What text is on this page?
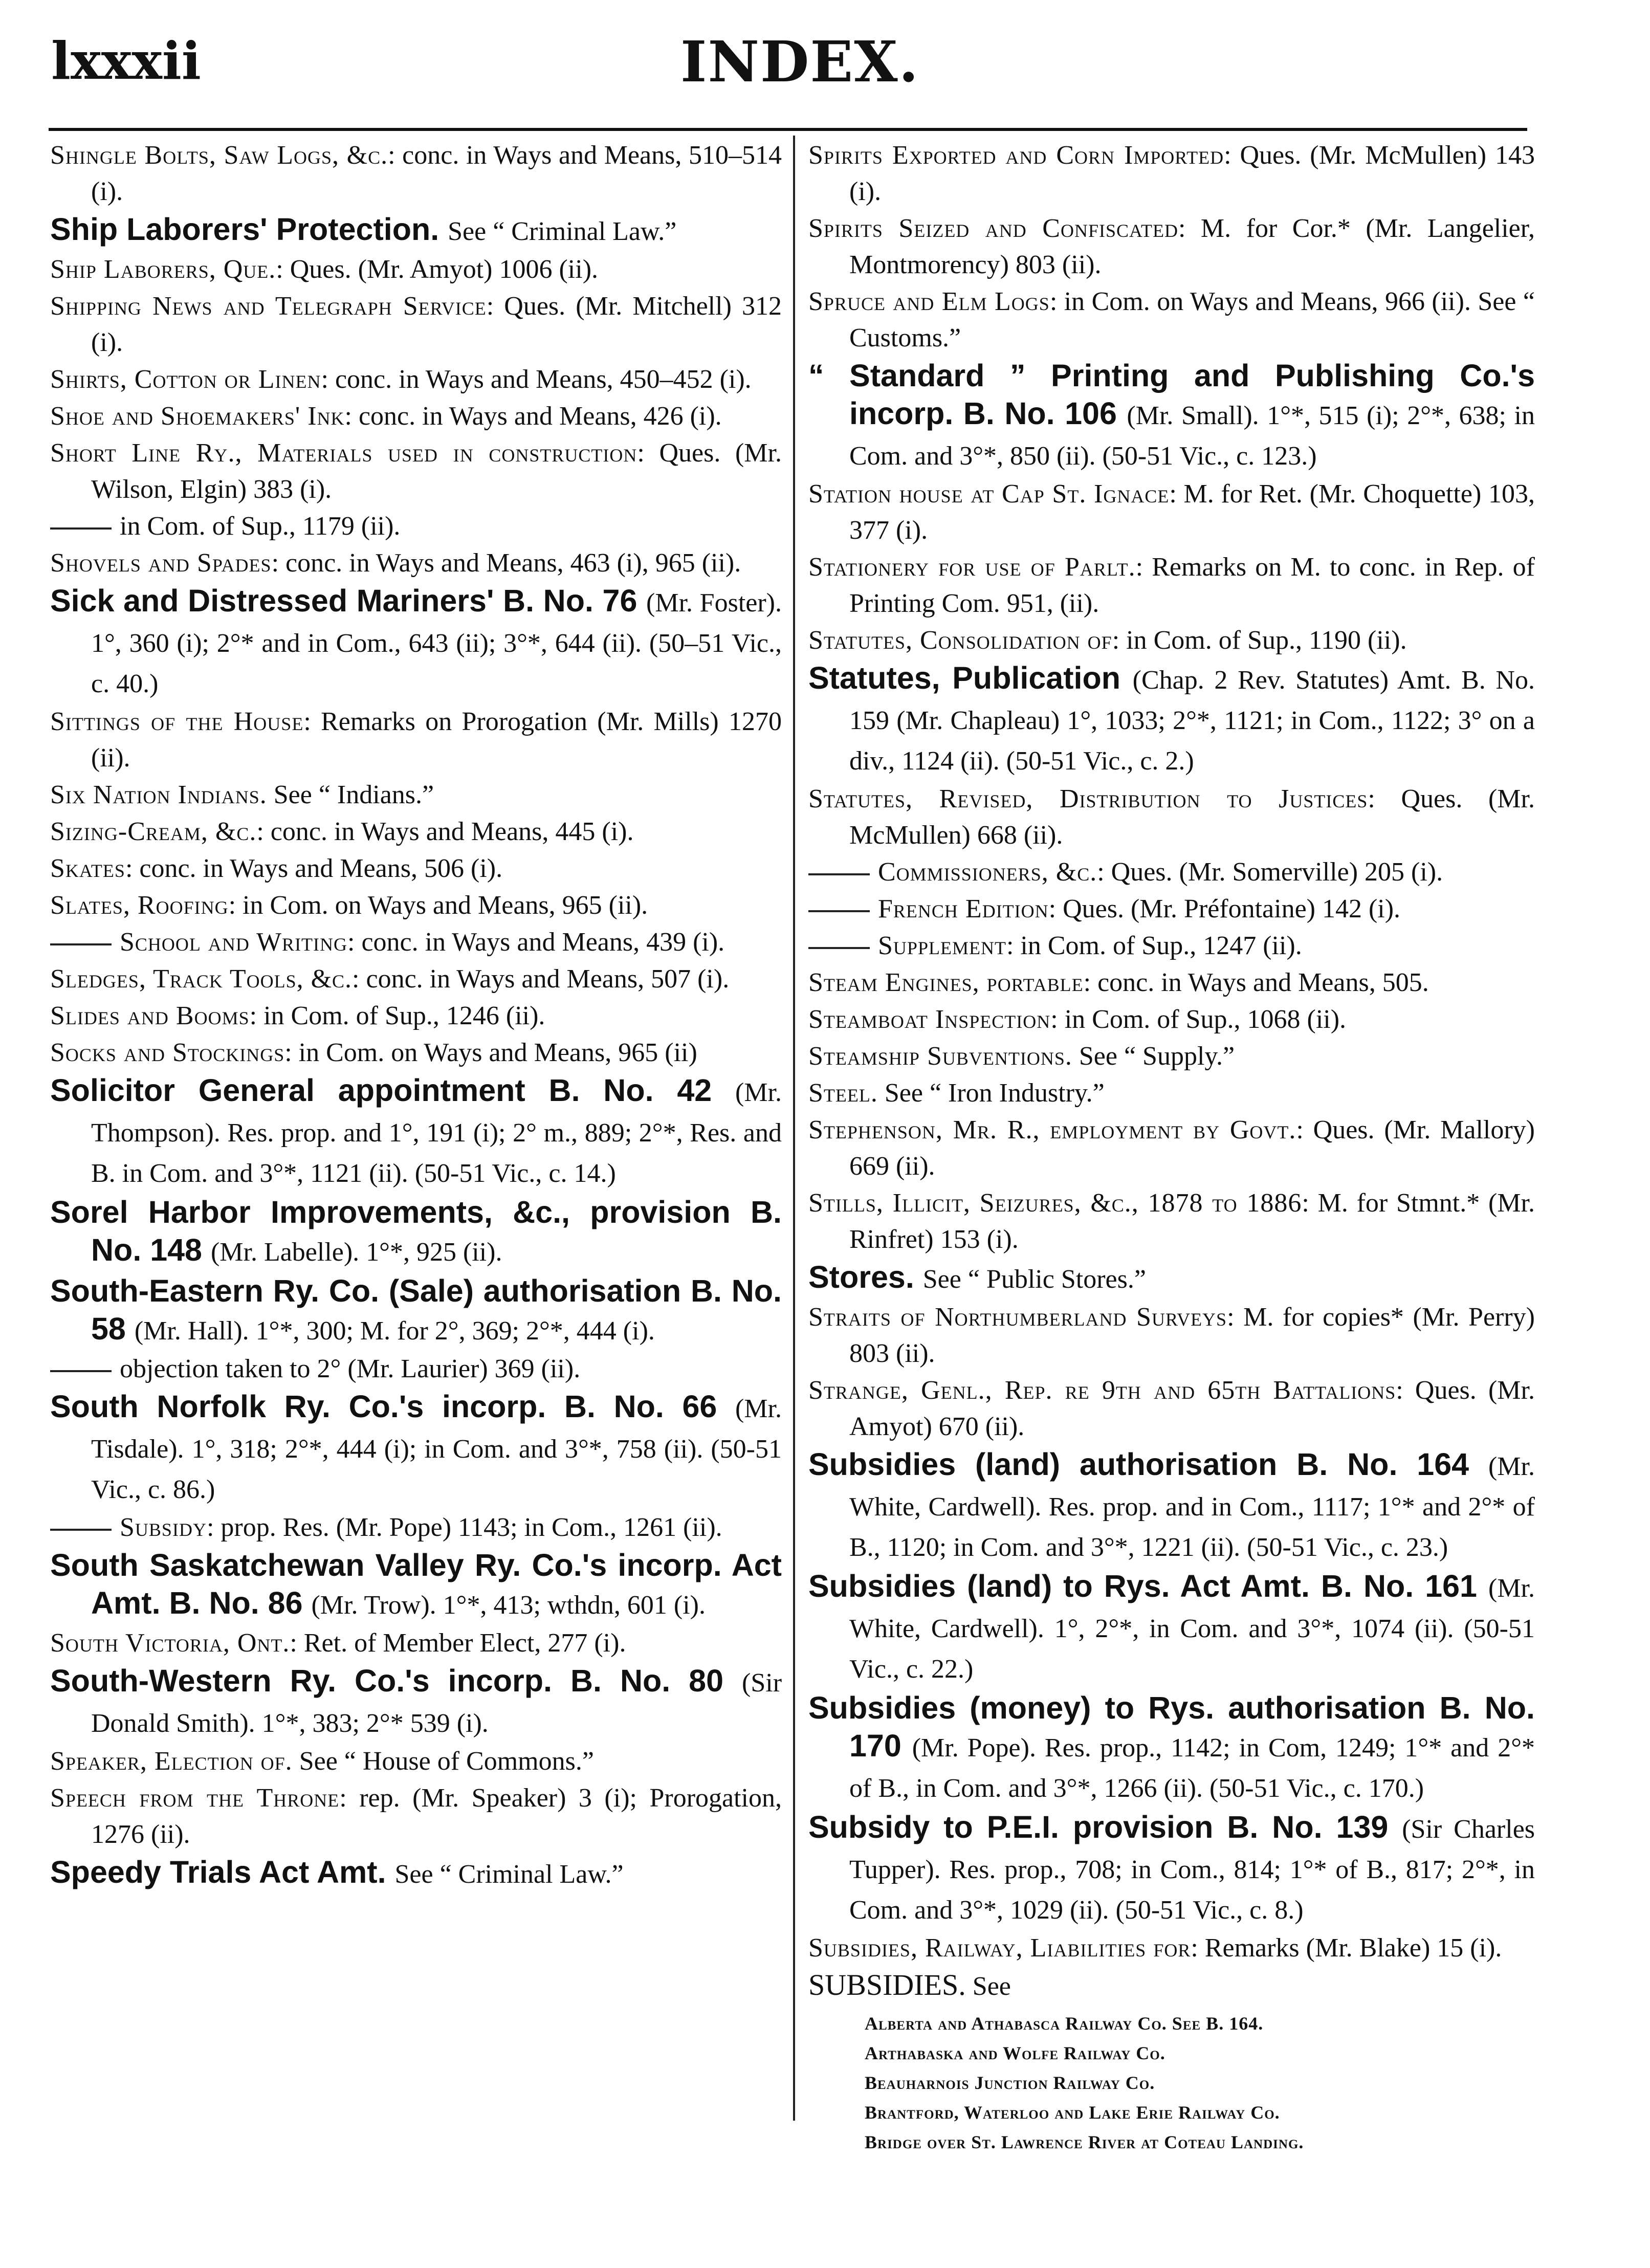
lxxxii	INDEX.
Shingle Bolts, Saw Logs, &c.: conc. in Ways and Means, 510–514 (i).
Ship Laborers' Protection. See “ Criminal Law.”
Ship Laborers, Que.: Ques. (Mr. Amyot) 1006 (ii).
Shipping News and Telegraph Service: Ques. (Mr. Mitchell) 312 (i).
Shirts, Cotton or Linen: conc. in Ways and Means, 450–452 (i).
Shoe and Shoemakers' Ink: conc. in Ways and Means, 426 (i).
Short Line Ry., Materials used in construction: Ques. (Mr. Wilson, Elgin) 383 (i).
in Com. of Sup., 1179 (ii).
Shovels and Spades: conc. in Ways and Means, 463 (i), 965 (ii).
Sick and Distressed Mariners' B. No. 76 (Mr. Foster). 1°, 360 (i); 2°* and in Com., 643 (ii); 3°*, 644 (ii). (50–51 Vic., c. 40.)
Sittings of the House: Remarks on Prorogation (Mr. Mills) 1270 (ii).
Six Nation Indians. See “ Indians.”
Sizing-Cream, &c.: conc. in Ways and Means, 445 (i).
Skates: conc. in Ways and Means, 506 (i).
Slates, Roofing: in Com. on Ways and Means, 965 (ii).
School and Writing: conc. in Ways and Means, 439 (i).
Sledges, Track Tools, &c.: conc. in Ways and Means, 507 (i).
Slides and Booms: in Com. of Sup., 1246 (ii).
Socks and Stockings: in Com. on Ways and Means, 965 (ii)
Solicitor General appointment B. No. 42 (Mr. Thompson). Res. prop. and 1°, 191 (i); 2° m., 889; 2°*, Res. and B. in Com. and 3°*, 1121 (ii). (50-51 Vic., c. 14.)
Sorel Harbor Improvements, &c., provision B. No. 148 (Mr. Labelle). 1°*, 925 (ii).
South-Eastern Ry. Co. (Sale) authorisation B. No. 58 (Mr. Hall). 1°*, 300; M. for 2°, 369; 2°*, 444 (i).
objection taken to 2° (Mr. Laurier) 369 (ii).
South Norfolk Ry. Co.'s incorp. B. No. 66 (Mr. Tisdale). 1°, 318; 2°*, 444 (i); in Com. and 3°*, 758 (ii). (50-51 Vic., c. 86.)
Subsidy: prop. Res. (Mr. Pope) 1143; in Com., 1261 (ii).
South Saskatchewan Valley Ry. Co.'s incorp. Act Amt. B. No. 86 (Mr. Trow). 1°*, 413; wthdn, 601 (i).
South Victoria, Ont.: Ret. of Member Elect, 277 (i).
South-Western Ry. Co.'s incorp. B. No. 80 (Sir Donald Smith). 1°*, 383; 2°* 539 (i).
Speaker, Election of. See “ House of Commons.”
Speech from the Throne: rep. (Mr. Speaker) 3 (i); Prorogation, 1276 (ii).
Speedy Trials Act Amt. See “ Criminal Law.”
Spirits Exported and Corn Imported: Ques. (Mr. McMullen) 143 (i).
Spirits Seized and Confiscated: M. for Cor.* (Mr. Langelier, Montmorency) 803 (ii).
Spruce and Elm Logs: in Com. on Ways and Means, 966 (ii). See “ Customs.”
“ Standard ” Printing and Publishing Co.'s incorp. B. No. 106 (Mr. Small). 1°*, 515 (i); 2°*, 638; in Com. and 3°*, 850 (ii). (50-51 Vic., c. 123.)
Station house at Cap St. Ignace: M. for Ret. (Mr. Choquette) 103, 377 (i).
Stationery for use of Parlt.: Remarks on M. to conc. in Rep. of Printing Com. 951, (ii).
Statutes, Consolidation of: in Com. of Sup., 1190 (ii).
Statutes, Publication (Chap. 2 Rev. Statutes) Amt. B. No. 159 (Mr. Chapleau) 1°, 1033; 2°*, 1121; in Com., 1122; 3° on a div., 1124 (ii). (50-51 Vic., c. 2.)
Statutes, Revised, Distribution to Justices: Ques. (Mr. McMullen) 668 (ii).
Commissioners, &c.: Ques. (Mr. Somerville) 205 (i).
French Edition: Ques. (Mr. Préfontaine) 142 (i).
Supplement: in Com. of Sup., 1247 (ii).
Steam Engines, portable: conc. in Ways and Means, 505.
Steamboat Inspection: in Com. of Sup., 1068 (ii).
Steamship Subventions. See “ Supply.”
Steel. See “ Iron Industry.”
Stephenson, Mr. R., employment by Govt.: Ques. (Mr. Mallory) 669 (ii).
Stills, Illicit, Seizures, &c., 1878 to 1886: M. for Stmnt.* (Mr. Rinfret) 153 (i).
Stores. See “ Public Stores.”
Straits of Northumberland Surveys: M. for copies* (Mr. Perry) 803 (ii).
Strange, Genl., Rep. re 9th and 65th Battalions: Ques. (Mr. Amyot) 670 (ii).
Subsidies (land) authorisation B. No. 164 (Mr. White, Cardwell). Res. prop. and in Com., 1117; 1°* and 2°* of B., 1120; in Com. and 3°*, 1221 (ii). (50-51 Vic., c. 23.)
Subsidies (land) to Rys. Act Amt. B. No. 161 (Mr. White, Cardwell). 1°, 2°*, in Com. and 3°*, 1074 (ii). (50-51 Vic., c. 22.)
Subsidies (money) to Rys. authorisation B. No. 170 (Mr. Pope). Res. prop., 1142; in Com, 1249; 1°* and 2°* of B., in Com. and 3°*, 1266 (ii). (50-51 Vic., c. 170.)
Subsidy to P.E.I. provision B. No. 139 (Sir Charles Tupper). Res. prop., 708; in Com., 814; 1°* of B., 817; 2°*, in Com. and 3°*, 1029 (ii). (50-51 Vic., c. 8.)
Subsidies, Railway, Liabilities for: Remarks (Mr. Blake) 15 (i).
SUBSIDIES. See
Alberta and Athabasca Railway Co. See B. 164.
Arthabaska and Wolfe Railway Co.
Beauharnois Junction Railway Co.
Brantford, Waterloo and Lake Erie Railway Co.
Bridge over St. Lawrence River at Coteau Landing.
